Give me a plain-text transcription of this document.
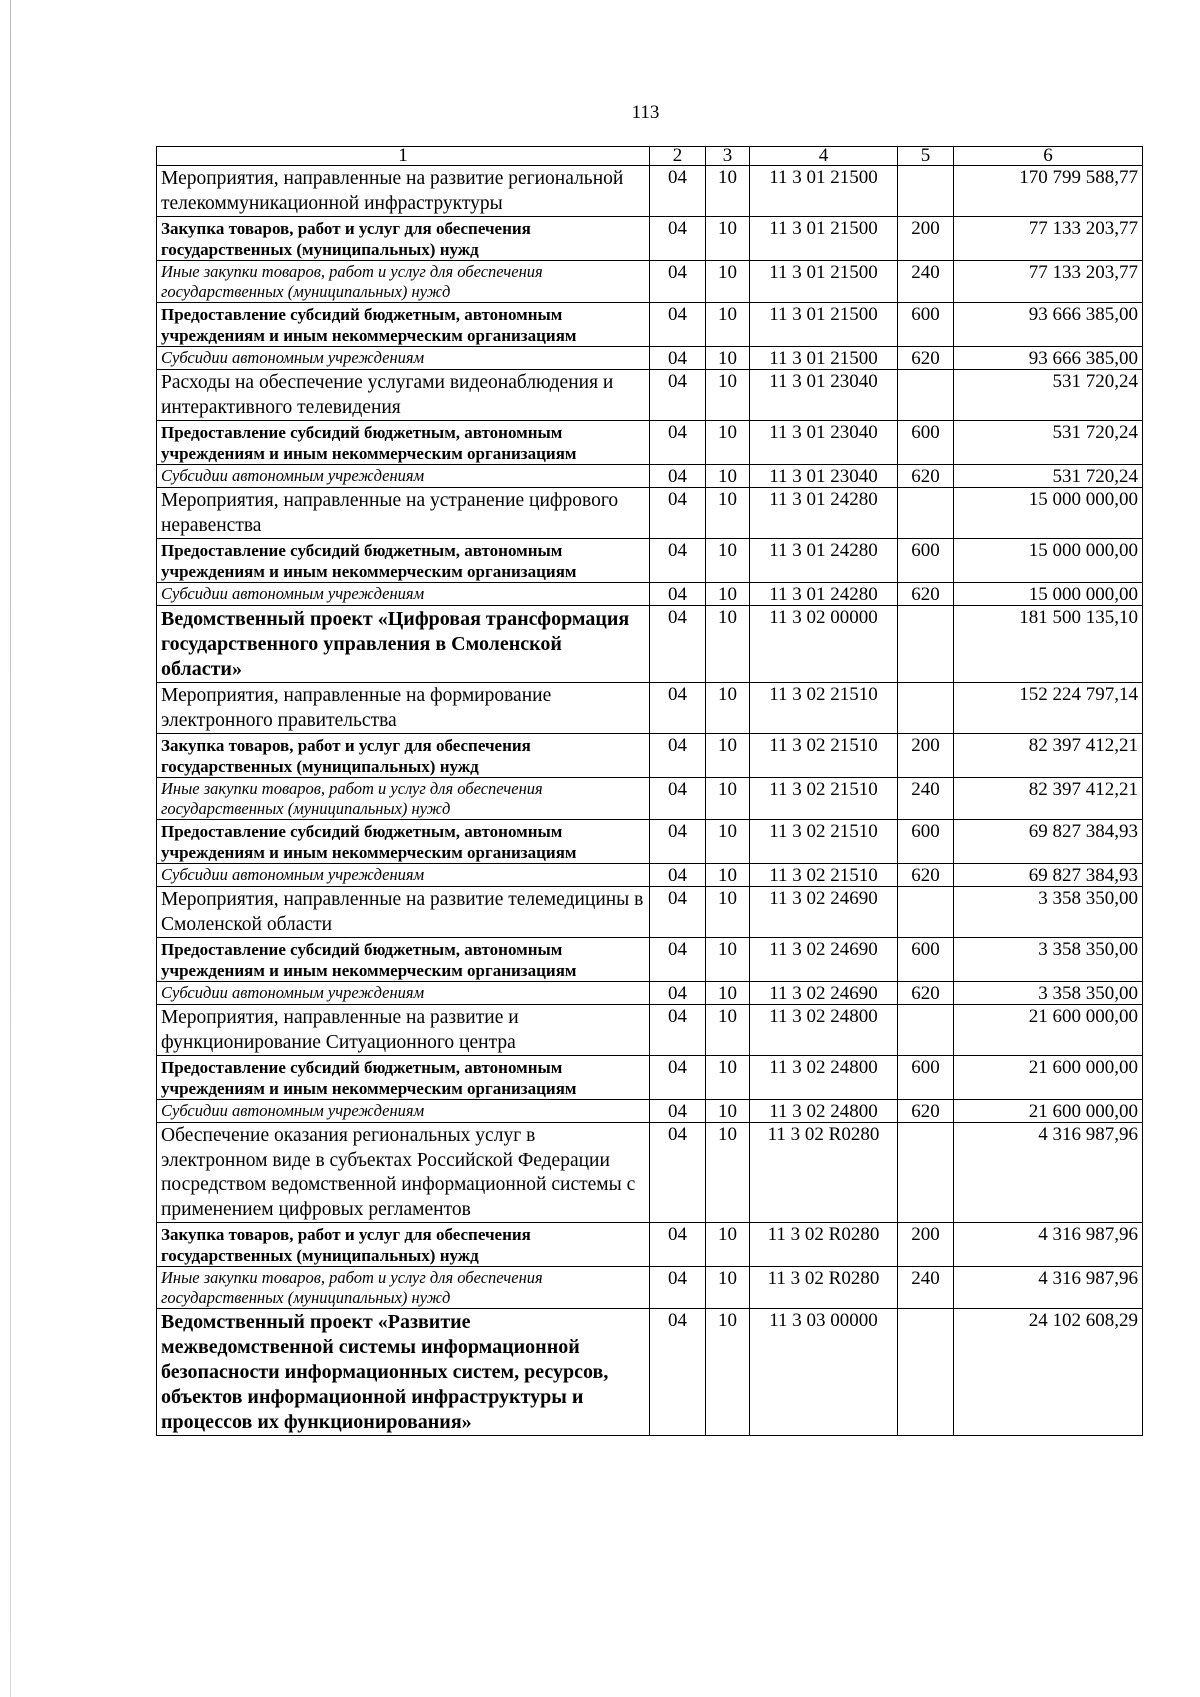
113
1	2	3	4	5	6
Мероприятия, направленные на развитие региональной телекоммуникационной инфраструктуры	04	10	11 3 01 21500		170 799 588,77
Закупка товаров, работ и услуг для обеспечения государственных (муниципальных) нужд	04	10	11 3 01 21500	200	77 133 203,77
Иные закупки товаров, работ и услуг для обеспечения государственных (муниципальных) нужд	04	10	11 3 01 21500	240	77 133 203,77
Предоставление субсидий бюджетным, автономным учреждениям и иным некоммерческим организациям	04	10	11 3 01 21500	600	93 666 385,00
Субсидии автономным учреждениям	04	10	11 3 01 21500	620	93 666 385,00
Расходы на обеспечение услугами видеонаблюдения и интерактивного телевидения	04	10	11 3 01 23040		531 720,24
Предоставление субсидий бюджетным, автономным учреждениям и иным некоммерческим организациям	04	10	11 3 01 23040	600	531 720,24
Субсидии автономным учреждениям	04	10	11 3 01 23040	620	531 720,24
Мероприятия, направленные на устранение цифрового неравенства	04	10	11 3 01 24280		15 000 000,00
Предоставление субсидий бюджетным, автономным учреждениям и иным некоммерческим организациям	04	10	11 3 01 24280	600	15 000 000,00
Субсидии автономным учреждениям	04	10	11 3 01 24280	620	15 000 000,00
Ведомственный проект «Цифровая трансформация государственного управления в Смоленской области»	04	10	11 3 02 00000		181 500 135,10
Мероприятия, направленные на формирование электронного правительства	04	10	11 3 02 21510		152 224 797,14
Закупка товаров, работ и услуг для обеспечения государственных (муниципальных) нужд	04	10	11 3 02 21510	200	82 397 412,21
Иные закупки товаров, работ и услуг для обеспечения государственных (муниципальных) нужд	04	10	11 3 02 21510	240	82 397 412,21
Предоставление субсидий бюджетным, автономным учреждениям и иным некоммерческим организациям	04	10	11 3 02 21510	600	69 827 384,93
Субсидии автономным учреждениям	04	10	11 3 02 21510	620	69 827 384,93
Мероприятия, направленные на развитие телемедицины в Смоленской области	04	10	11 3 02 24690		3 358 350,00
Предоставление субсидий бюджетным, автономным учреждениям и иным некоммерческим организациям	04	10	11 3 02 24690	600	3 358 350,00
Субсидии автономным учреждениям	04	10	11 3 02 24690	620	3 358 350,00
Мероприятия, направленные на развитие и функционирование Ситуационного центра	04	10	11 3 02 24800		21 600 000,00
Предоставление субсидий бюджетным, автономным учреждениям и иным некоммерческим организациям	04	10	11 3 02 24800	600	21 600 000,00
Субсидии автономным учреждениям	04	10	11 3 02 24800	620	21 600 000,00
Обеспечение оказания региональных услуг в электронном виде в субъектах Российской Федерации посредством ведомственной информационной системы с применением цифровых регламентов	04	10	11 3 02 R0280		4 316 987,96
Закупка товаров, работ и услуг для обеспечения государственных (муниципальных) нужд	04	10	11 3 02 R0280	200	4 316 987,96
Иные закупки товаров, работ и услуг для обеспечения государственных (муниципальных) нужд	04	10	11 3 02 R0280	240	4 316 987,96
Ведомственный проект «Развитие межведомственной системы информационной безопасности информационных систем, ресурсов, объектов информационной инфраструктуры и процессов их функционирования»	04	10	11 3 03 00000		24 102 608,29
